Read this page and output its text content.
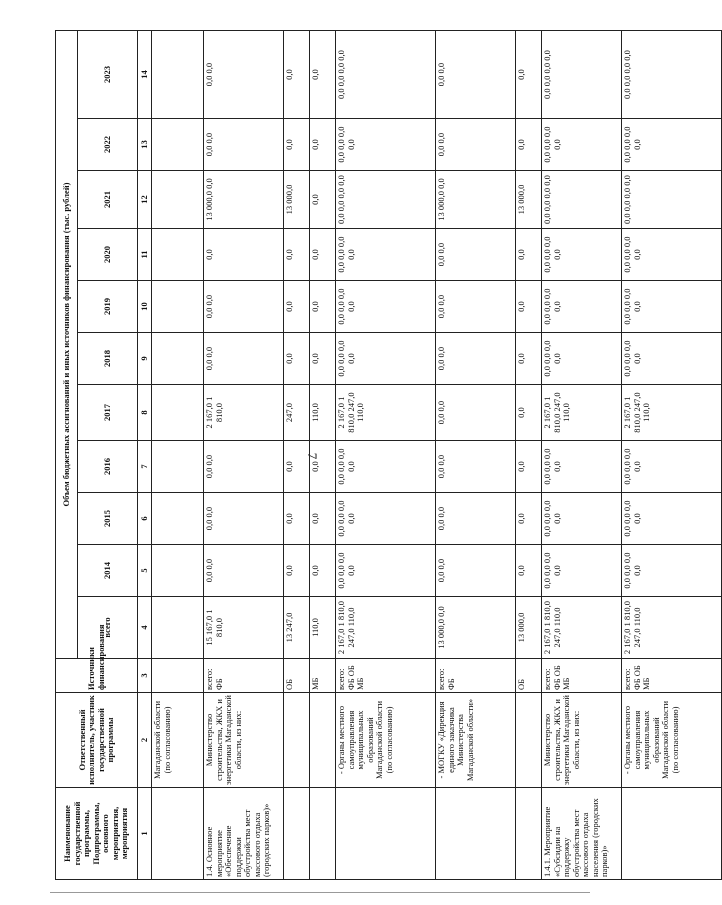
7
Наименование государственной программы, Подпрограммы, основного мероприятия, мероприятия	Ответственный исполнитель, участник государственной программы	Источники финансирования	Объем бюджетных ассигнований и иных источников финансирования (тыс. рублей)										
			всего	2014	2015	2016	2017	2018	2019	2020	2021	2022	2023
1	2	3	4	5	6	7	8	9	10	11	12	13	14
	Магаданской области (по согласованию)												
1.4. Основное мероприятие «Обеспечение поддержки обустройства мест массового отдыха (городских парков)»	Министерство строительства, ЖКХ и энергетики Магаданской области, из них:	всего: ФБ	15 167,0 1 810,0	0,0 0,0	0,0 0,0	0,0 0,0	2 167,0 1 810,0	0,0 0,0	0,0 0,0	0,0	13 000,0 0,0	0,0 0,0	0,0 0,0
		ОБ	13 247,0	0,0	0,0	0,0	247,0	0,0	0,0	0,0	13 000,0	0,0	0,0
		МБ	110,0	0,0	0,0	0,0	110,0	0,0	0,0	0,0	0,0	0,0	0,0
	- Органы местного самоуправления муниципальных образований Магаданской области (по согласованию)	всего: ФБ ОБ МБ	2 167,0 1 810,0 247,0 110,0	0,0 0,0 0,0 0,0	0,0 0,0 0,0 0,0	0,0 0,0 0,0 0,0	2 167,0 1 810,0 247,0 110,0	0,0 0,0 0,0 0,0	0,0 0,0 0,0 0,0	0,0 0,0 0,0 0,0	0,0 0,0 0,0 0,0	0,0 0,0 0,0 0,0	0,0 0,0 0,0 0,0
	- МОГКУ «Дирекция единого заказчика Министерства Магаданской области»	всего: ФБ	13 000,0 0,0	0,0 0,0	0,0 0,0	0,0 0,0	0,0 0,0	0,0 0,0	0,0 0,0	0,0 0,0	13 000,0 0,0	0,0 0,0	0,0 0,0
		ОБ	13 000,0	0,0	0,0	0,0	0,0	0,0	0,0	0,0	13 000,0	0,0	0,0
1.4.1. Мероприятие «Субсидии на поддержку обустройства мест массового отдыха населения (городских парков)»	Министерство строительства, ЖКХ и энергетики Магаданской области, из них:	всего: ФБ ОБ МБ	2 167,0 1 810,0 247,0 110,0	0,0 0,0 0,0 0,0	0,0 0,0 0,0 0,0	0,0 0,0 0,0 0,0	2 167,0 1 810,0 247,0 110,0	0,0 0,0 0,0 0,0	0,0 0,0 0,0 0,0	0,0 0,0 0,0 0,0	0,0 0,0 0,0 0,0	0,0 0,0 0,0 0,0	0,0 0,0 0,0 0,0
	- Органы местного самоуправления муниципальных образований Магаданской области (по согласованию)	всего: ФБ ОБ МБ	2 167,0 1 810,0 247,0 110,0	0,0 0,0 0,0 0,0	0,0 0,0 0,0 0,0	0,0 0,0 0,0 0,0	2 167,0 1 810,0 247,0 110,0	0,0 0,0 0,0 0,0	0,0 0,0 0,0 0,0	0,0 0,0 0,0 0,0	0,0 0,0 0,0 0,0	0,0 0,0 0,0 0,0	0,0 0,0 0,0 0,0
